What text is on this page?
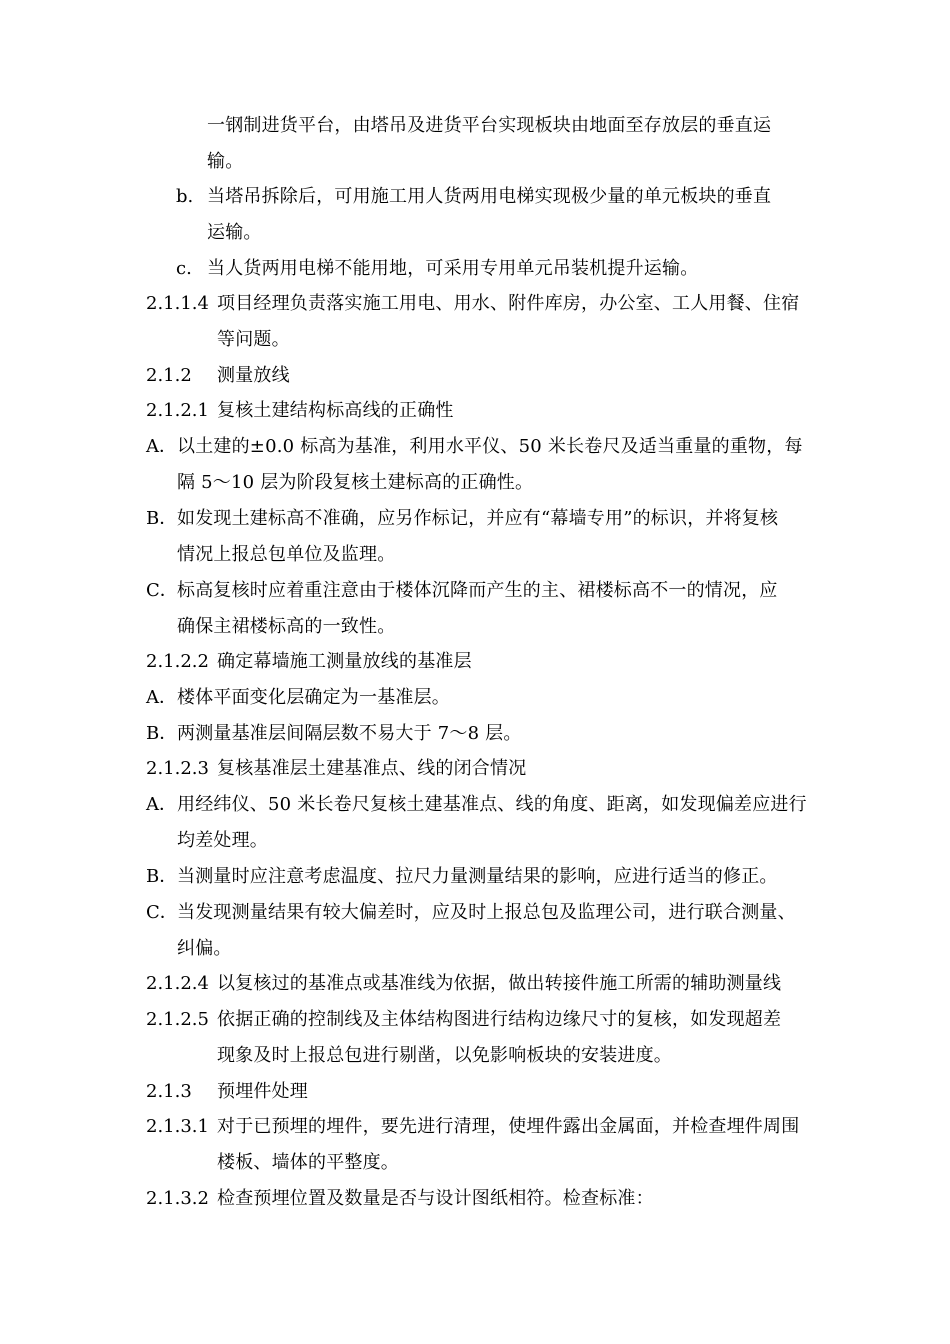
一钢制进货平台，由塔吊及进货平台实现板块由地面至存放层的垂直运
输。
b. 当塔吊拆除后，可用施工用人货两用电梯实现极少量的单元板块的垂直
运输。
c. 当人货两用电梯不能用地，可采用专用单元吊装机提升运输。
2.1.1.4 项目经理负责落实施工用电、用水、附件库房，办公室、工人用餐、住宿
等问题。
2.1.2 测量放线
2.1.2.1 复核土建结构标高线的正确性
A． 以土建的±0.0 标高为基准，利用水平仪、50 米长卷尺及适当重量的重物，每
隔 5～10 层为阶段复核土建标高的正确性。
B． 如发现土建标高不准确，应另作标记，并应有“幕墙专用”的标识，并将复核
情况上报总包单位及监理。
C． 标高复核时应着重注意由于楼体沉降而产生的主、裙楼标高不一的情况，应
确保主裙楼标高的一致性。
2.1.2.2 确定幕墙施工测量放线的基准层
A． 楼体平面变化层确定为一基准层。
B． 两测量基准层间隔层数不易大于 7～8 层。
2.1.2.3 复核基准层土建基准点、线的闭合情况
A． 用经纬仪、50 米长卷尺复核土建基准点、线的角度、距离，如发现偏差应进行
均差处理。
B． 当测量时应注意考虑温度、拉尺力量测量结果的影响，应进行适当的修正。
C． 当发现测量结果有较大偏差时，应及时上报总包及监理公司，进行联合测量、
纠偏。
2.1.2.4 以复核过的基准点或基准线为依据，做出转接件施工所需的辅助测量线
2.1.2.5 依据正确的控制线及主体结构图进行结构边缘尺寸的复核，如发现超差
现象及时上报总包进行剔凿，以免影响板块的安装进度。
2.1.3 预埋件处理
2.1.3.1 对于已预埋的埋件，要先进行清理，使埋件露出金属面，并检查埋件周围
楼板、墙体的平整度。
2.1.3.2 检查预埋位置及数量是否与设计图纸相符。检查标准：
